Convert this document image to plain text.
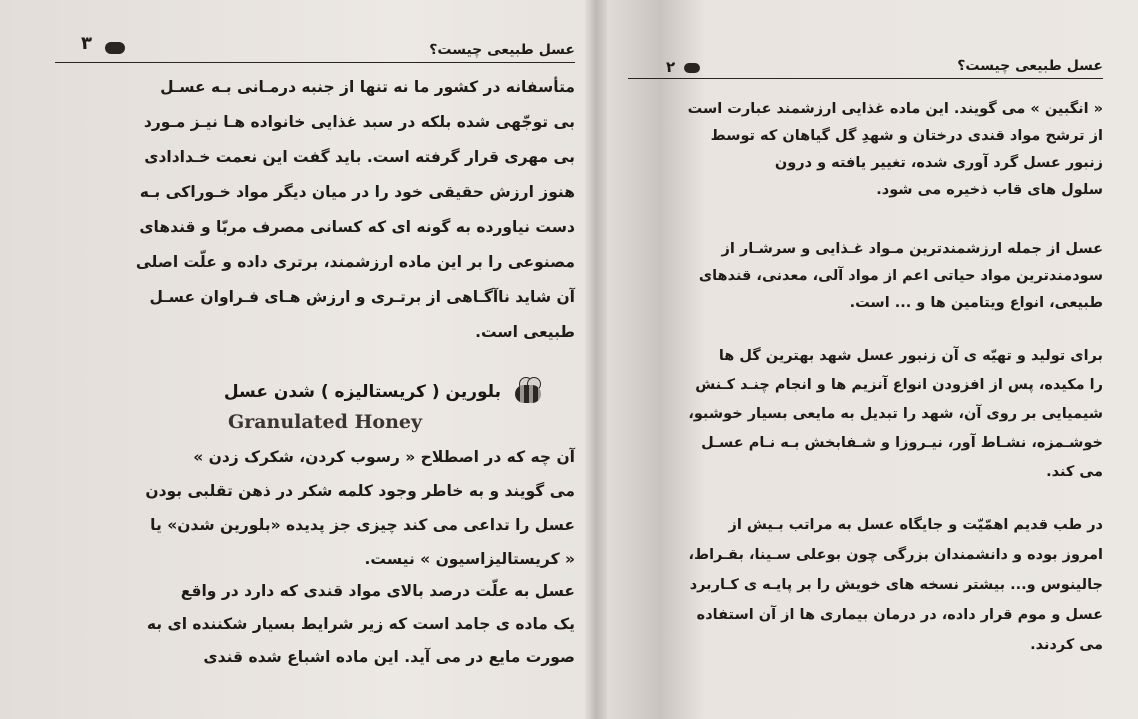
۳	عسل طبیعی چیست؟
متأسفانه در کشور ما نه تنها از جنبه درمـانی بـه عسـل
بی توجّهی شده بلکه در سبد غذایی خانواده هـا نیـز مـورد
بی مهری قرار گرفته است. باید گفت این نعمت خـدادادی
هنوز ارزش حقیقی خود را در میان دیگر مواد خـوراکی بـه
دست نیاورده به گونه ای که کسانی مصرف مربّا و قندهای
مصنوعی را بر این ماده ارزشمند، برتری داده و علّت اصلی
آن شاید ناآگـاهی از برتـری و ارزش هـای فـراوان عسـل
طبیعی است.
بلورین ( کریستالیزه ) شدن عسل
Granulated Honey
آن چه که در اصطلاح « رسوب کردن، شکرک زدن »
می گویند و به خاطر وجود کلمه شکر در ذهن تقلبی بودن
عسل را تداعی می کند چیزی جز پدیده «بلورین شدن» یا
« کریستالیزاسیون » نیست.
عسل به علّت درصد بالای مواد قندی که دارد در واقع
یک ماده ی جامد است که زیر شرایط بسیار شکننده ای به
صورت مایع در می آید. این ماده اشباع شده قندی
۲	عسل طبیعی چیست؟
« انگبین » می گویند. این ماده غذایی ارزشمند عبارت است
از ترشح مواد قندی درختان و شهدِ گل گیاهان که توسط
زنبور عسل گرد آوری شده، تغییر یافته و درون
سلول های قاب ذخیره می شود.
عسل از جمله ارزشمندترین مـواد غـذایی و سرشـار از
سودمندترین مواد حیاتی اعم از مواد آلی، معدنی، قندهای
طبیعی، انواع ویتامین ها و ... است.
برای تولید و تهیّه ی آن زنبور عسل شهد بهترین گل ها
را مکیده، پس از افزودن انواع آنزیم ها و انجام چنـد کـنش
شیمیایی بر روی آن، شهد را تبدیل به مایعی بسیار خوشبو،
خوشـمزه، نشـاط آور، نیـروزا و شـفابخش بـه نـام عسـل
می کند.
در طب قدیم اهمّیّت و جایگاه عسل به مراتب بـیش از
امروز بوده و دانشمندان بزرگی چون بوعلی سـینا، بقـراط،
جالینوس و... بیشتر نسخه های خویش را بر پایـه ی کـاربرد
عسل و موم قرار داده، در درمان بیماری ها از آن استفاده
می کردند.
